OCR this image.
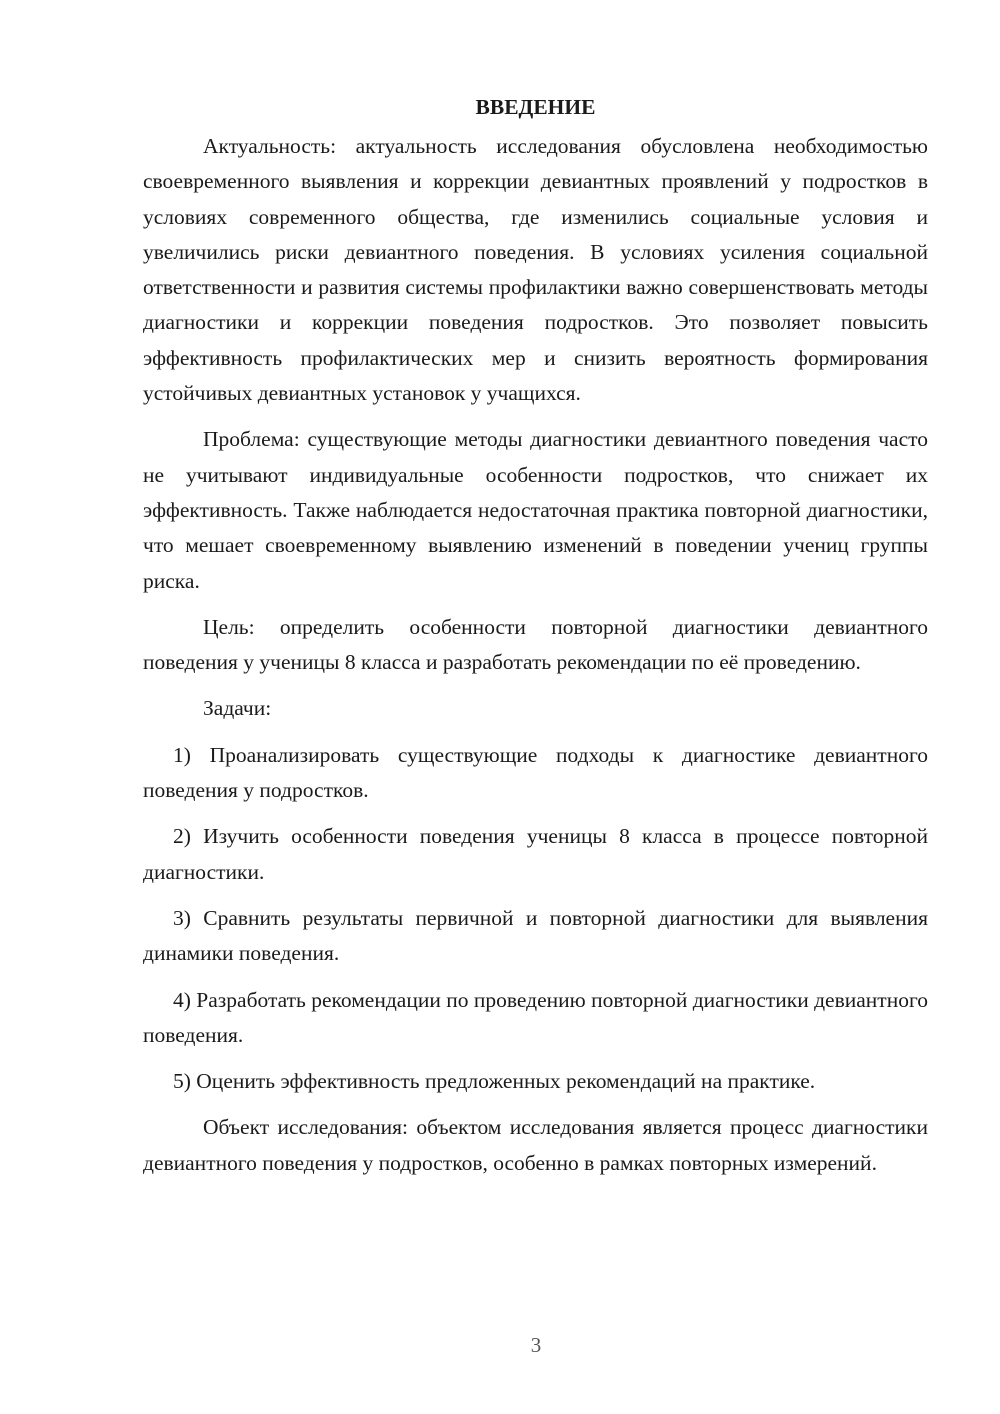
ВВЕДЕНИЕ

Актуальность: актуальность исследования обусловлена необходимостью своевременного выявления и коррекции девиантных проявлений у подростков в условиях современного общества, где изменились социальные условия и увеличились риски девиантного поведения. В условиях усиления социальной ответственности и развития системы профилактики важно совершенствовать методы диагностики и коррекции поведения подростков. Это позволяет повысить эффективность профилактических мер и снизить вероятность формирования устойчивых девиантных установок у учащихся.

Проблема: существующие методы диагностики девиантного поведения часто не учитывают индивидуальные особенности подростков, что снижает их эффективность. Также наблюдается недостаточная практика повторной диагностики, что мешает своевременному выявлению изменений в поведении учениц группы риска.

Цель: определить особенности повторной диагностики девиантного поведения у ученицы 8 класса и разработать рекомендации по её проведению.

Задачи:

1) Проанализировать существующие подходы к диагностике девиантного поведения у подростков.

2) Изучить особенности поведения ученицы 8 класса в процессе повторной диагностики.

3) Сравнить результаты первичной и повторной диагностики для выявления динамики поведения.

4) Разработать рекомендации по проведению повторной диагностики девиантного поведения.

5) Оценить эффективность предложенных рекомендаций на практике.

Объект исследования: объектом исследования является процесс диагностики девиантного поведения у подростков, особенно в рамках повторных измерений.

3
